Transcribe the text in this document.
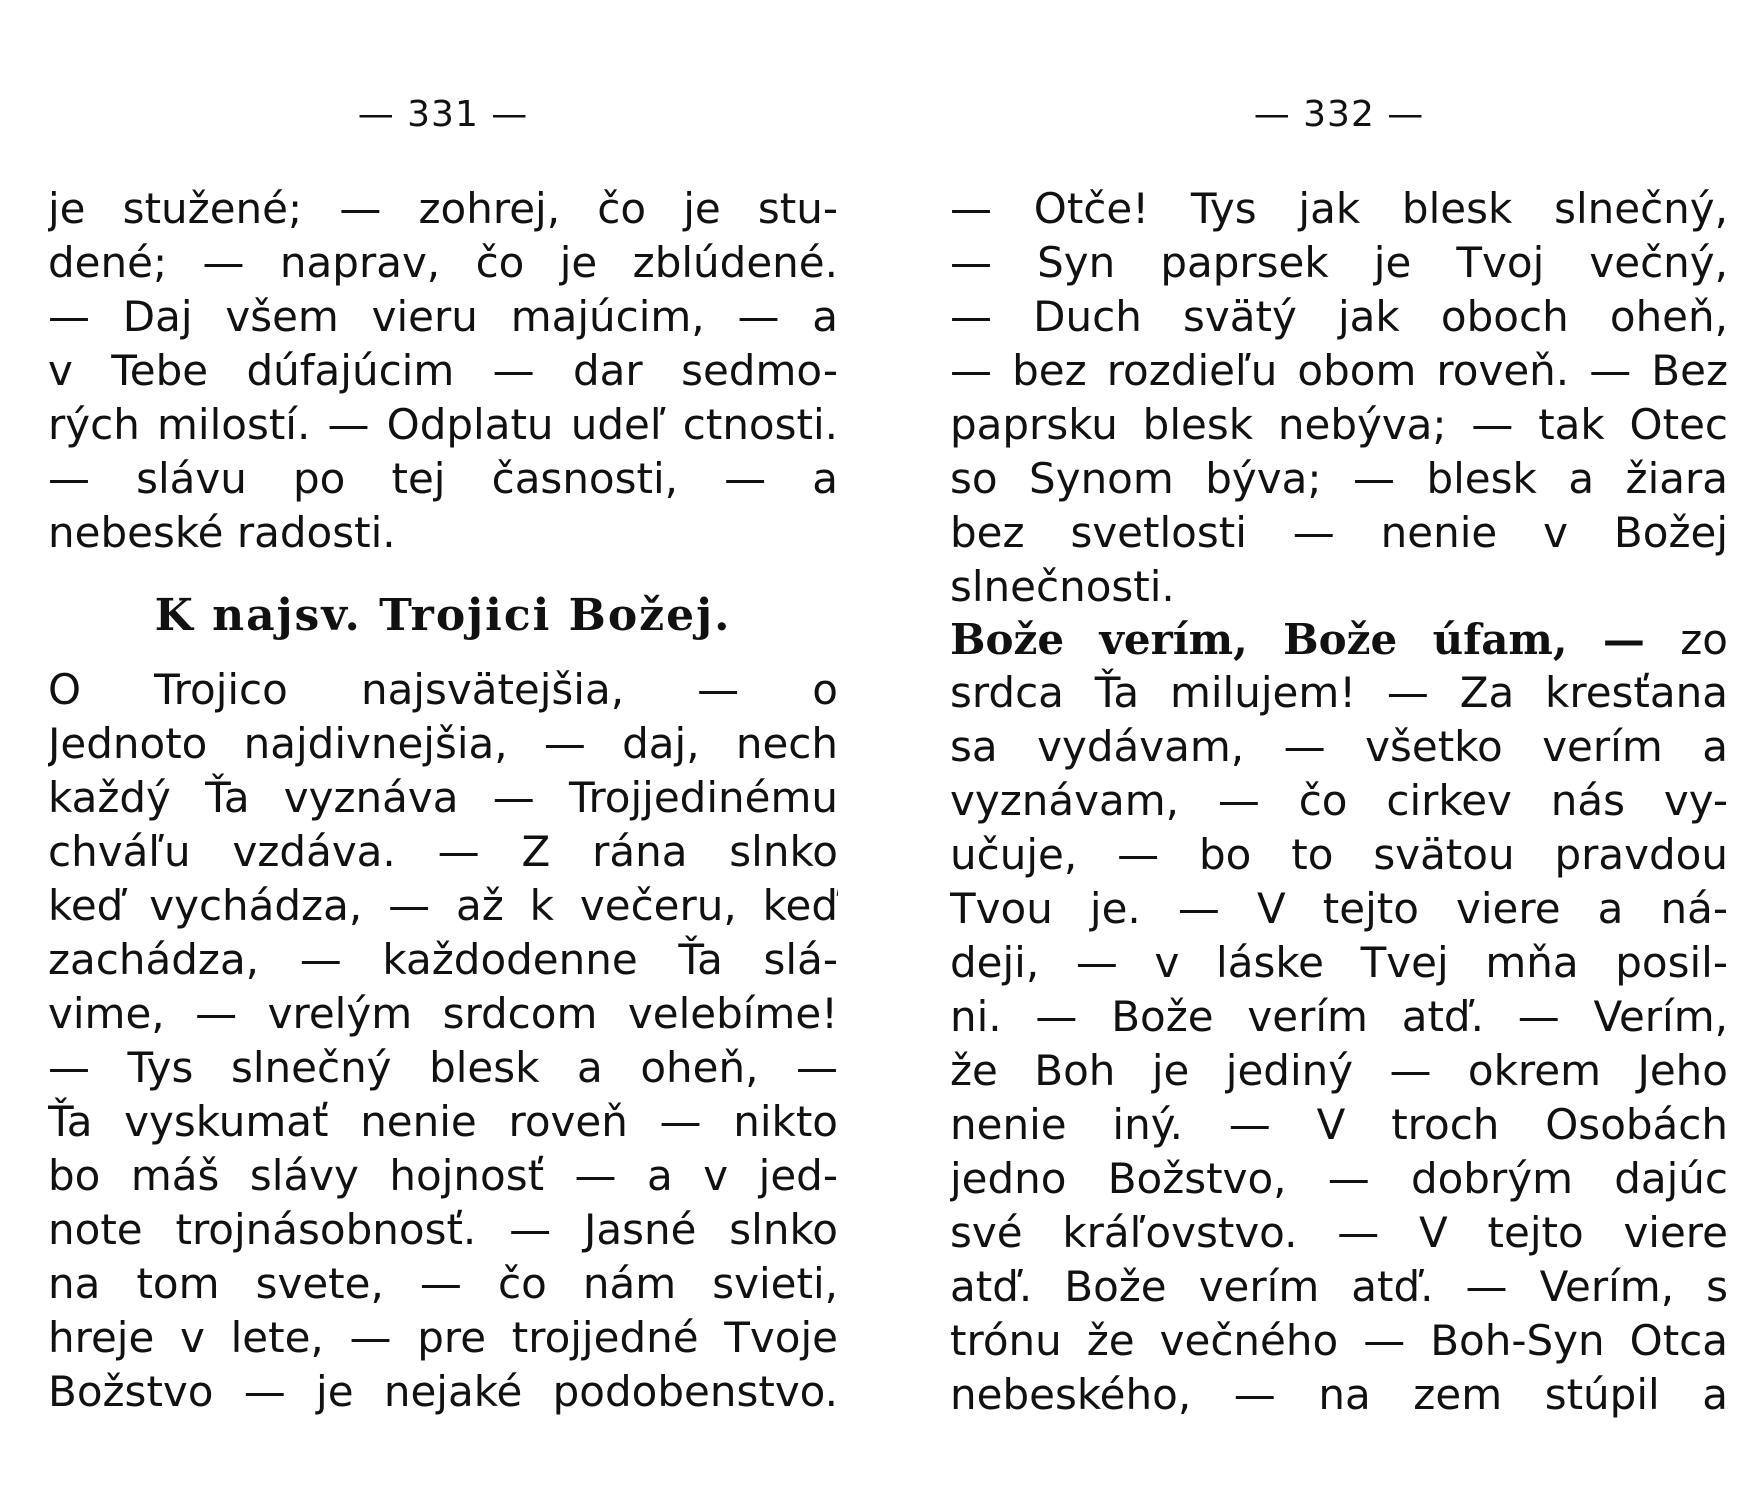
— 331 —
je stužené; — zohrej, čo je stu-
dené; — naprav, čo je zblúdené.
— Daj všem vieru majúcim, — a
v Tebe dúfajúcim — dar sedmo-
rých milostí. — Odplatu udeľ ctnosti.
— slávu po tej časnosti, — a
nebeské radosti.
K najsv. Trojici Božej.
O Trojico najsvätejšia, — o
Jednoto najdivnejšia, — daj, nech
každý Ťa vyznáva — Trojjedinému
chváľu vzdáva. — Z rána slnko
keď vychádza, — až k večeru, keď
zachádza, — každodenne Ťa slá-
vime, — vrelým srdcom velebíme!
— Tys slnečný blesk a oheň, —
Ťa vyskumať nenie roveň — nikto
bo máš slávy hojnosť — a v jed-
note trojnásobnosť. — Jasné slnko
na tom svete, — čo nám svieti,
hreje v lete, — pre trojjedné Tvoje
Božstvo — je nejaké podobenstvo.
— 332 —
— Otče! Tys jak blesk slnečný,
— Syn paprsek je Tvoj večný,
— Duch svätý jak oboch oheň,
— bez rozdieľu obom roveň. — Bez
paprsku blesk nebýva; — tak Otec
so Synom býva; — blesk a žiara
bez svetlosti — nenie v Božej
slnečnosti.
Bože verím, Bože úfam, — zo
srdca Ťa milujem! — Za kresťana
sa vydávam, — všetko verím a
vyznávam, — čo cirkev nás vy-
učuje, — bo to svätou pravdou
Tvou je. — V tejto viere a ná-
deji, — v láske Tvej mňa posil-
ni. — Bože verím atď. — Verím,
že Boh je jediný — okrem Jeho
nenie iný. — V troch Osobách
jedno Božstvo, — dobrým dajúc
své kráľovstvo. — V tejto viere
atď. Bože verím atď. — Verím, s
trónu že večného — Boh-Syn Otca
nebeského, — na zem stúpil a
